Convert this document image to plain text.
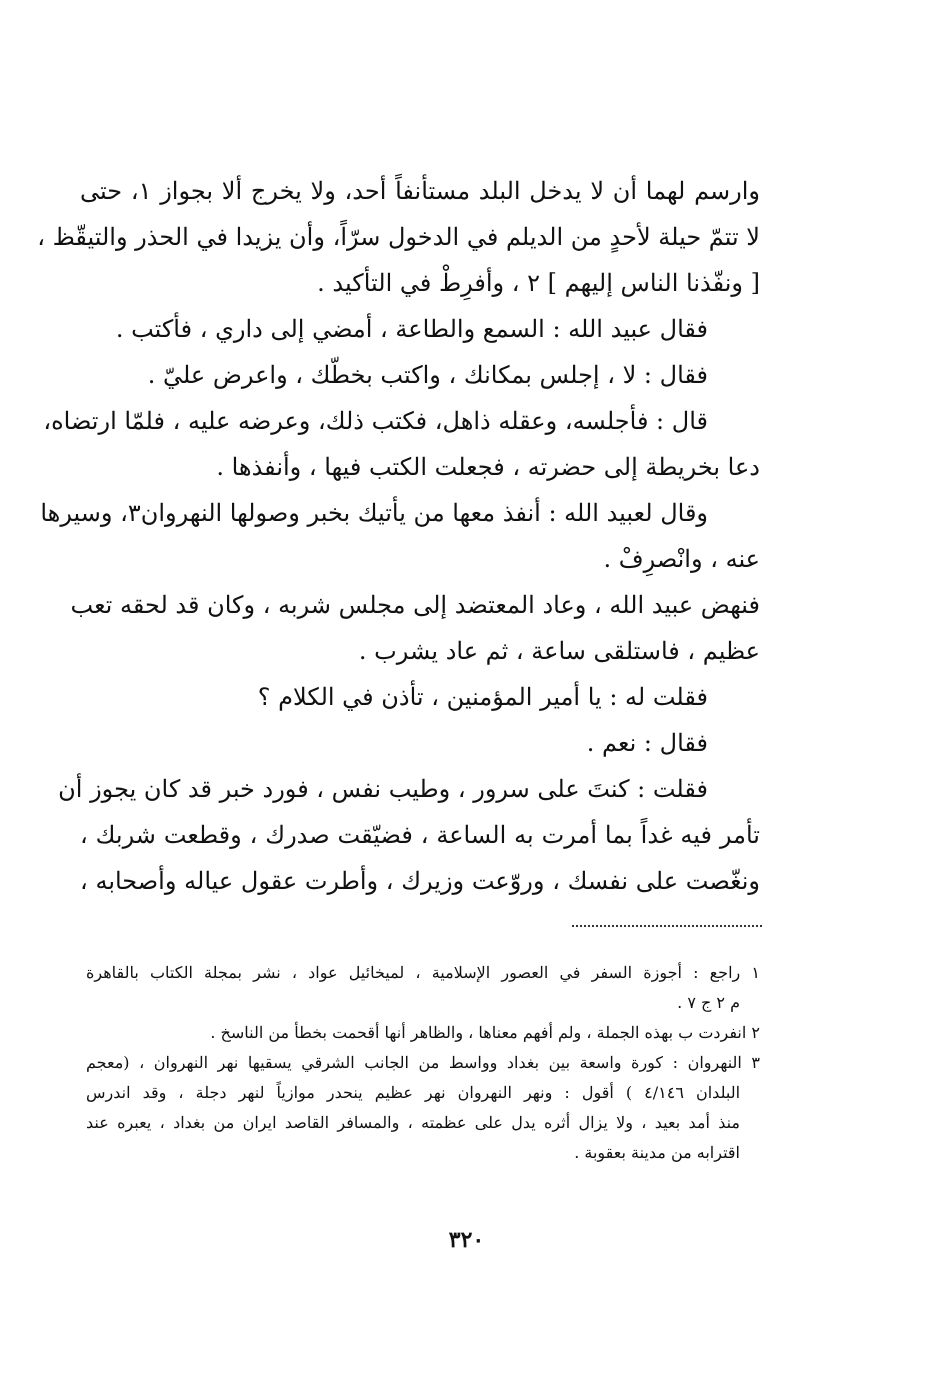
وارسم لهما أن لا يدخل البلد مستأنفاً أحد، ولا يخرج ألا بجواز ١، حتى
لا تتمّ حيلة لأحدٍ من الديلم في الدخول سرّاً، وأن يزيدا في الحذر والتيقّظ ،
[ ونفّذنا الناس إليهم ] ٢ ، وأفرِطْ في التأكيد .
فقال عبيد الله : السمع والطاعة ، أمضي إلى داري ، فأكتب .
فقال : لا ، إجلس بمكانك ، واكتب بخطّك ، واعرض عليّ .
قال : فأجلسه، وعقله ذاهل، فكتب ذلك، وعرضه عليه ، فلمّا ارتضاه،
دعا بخريطة إلى حضرته ، فجعلت الكتب فيها ، وأنفذها .
وقال لعبيد الله : أنفذ معها من يأتيك بخبر وصولها النهروان٣، وسيرها
عنه ، وانْصرِفْ .
فنهض عبيد الله ، وعاد المعتضد إلى مجلس شربه ، وكان قد لحقه تعب
عظيم ، فاستلقى ساعة ، ثم عاد يشرب .
فقلت له : يا أمير المؤمنين ، تأذن في الكلام ؟
فقال : نعم .
فقلت : كنتَ على سرور ، وطيب نفس ، فورد خبر قد كان يجوز أن
تأمر فيه غداً بما أمرت به الساعة ، فضيّقت صدرك ، وقطعت شربك ،
ونغّصت على نفسك ، وروّعت وزيرك ، وأطرت عقول عياله وأصحابه ،
١ راجع : أجوزة السفر في العصور الإسلامية ، لميخائيل عواد ، نشر بمجلة الكتاب بالقاهرة
م ٢ ج ٧ .
٢ انفردت ب بهذه الجملة ، ولم أفهم معناها ، والظاهر أنها أقحمت بخطأ من الناسخ .
٣ النهروان : كورة واسعة بين بغداد وواسط من الجانب الشرقي يسقيها نهر النهروان ، (معجم
البلدان ٤/١٤٦ ) أقول : ونهر النهروان نهر عظيم ينحدر موازياً لنهر دجلة ، وقد اندرس
منذ أمد بعيد ، ولا يزال أثره يدل على عظمته ، والمسافر القاصد ايران من بغداد ، يعبره عند
اقترابه من مدينة بعقوبة .
٣٢٠
